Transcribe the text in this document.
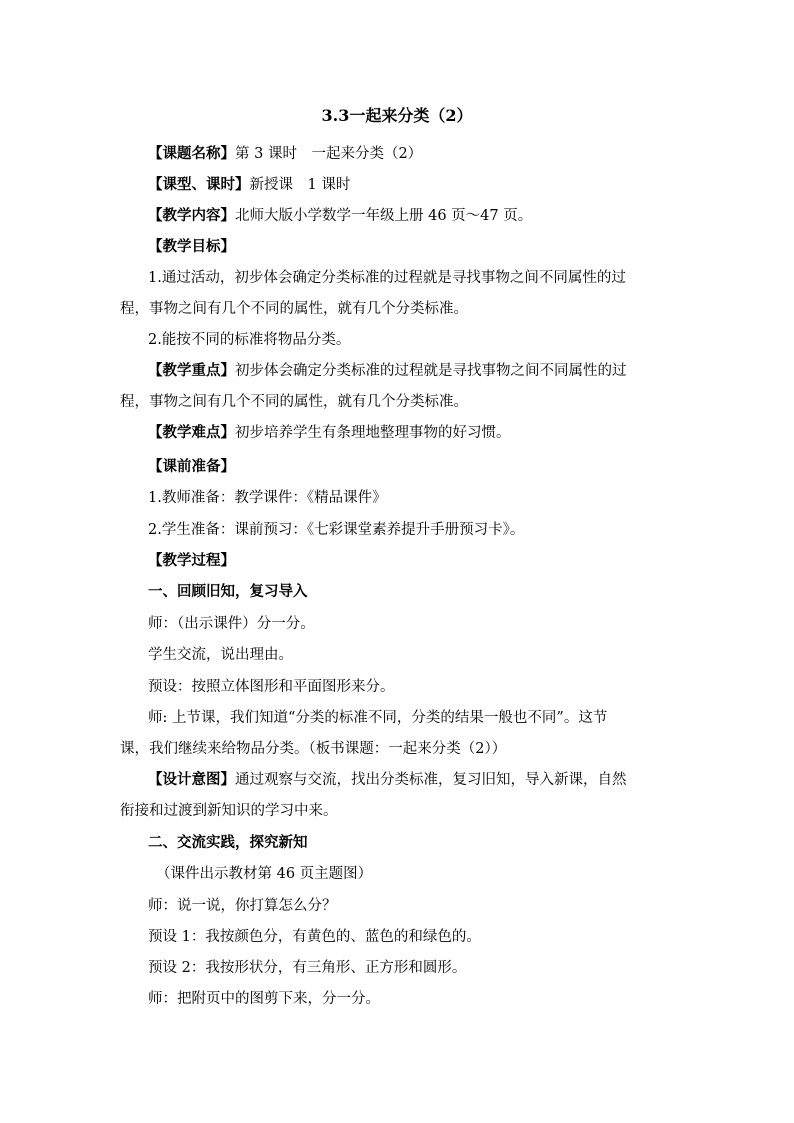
3.3一起来分类（2）
【课题名称】第 3 课时　一起来分类（2）
【课型、课时】新授课　1 课时
【教学内容】北师大版小学数学一年级上册 46 页～47 页。
【教学目标】
1.通过活动，初步体会确定分类标准的过程就是寻找事物之间不同属性的过
程，事物之间有几个不同的属性，就有几个分类标准。
2.能按不同的标准将物品分类。
【教学重点】初步体会确定分类标准的过程就是寻找事物之间不同属性的过
程，事物之间有几个不同的属性，就有几个分类标准。
【教学难点】初步培养学生有条理地整理事物的好习惯。
【课前准备】
1.教师准备：教学课件：《精品课件》
2.学生准备：课前预习：《七彩课堂素养提升手册预习卡》。
【教学过程】
一、回顾旧知，复习导入
师：（出示课件）分一分。
学生交流，说出理由。
预设：按照立体图形和平面图形来分。
师: 上节课，我们知道“分类的标准不同，分类的结果一般也不同”。这节
课，我们继续来给物品分类。（板书课题：一起来分类（2））
【设计意图】通过观察与交流，找出分类标准，复习旧知，导入新课，自然
衔接和过渡到新知识的学习中来。
二、交流实践，探究新知
（课件出示教材第 46 页主题图）
师：说一说，你打算怎么分？
预设 1：我按颜色分，有黄色的、蓝色的和绿色的。
预设 2：我按形状分，有三角形、正方形和圆形。
师：把附页中的图剪下来，分一分。
